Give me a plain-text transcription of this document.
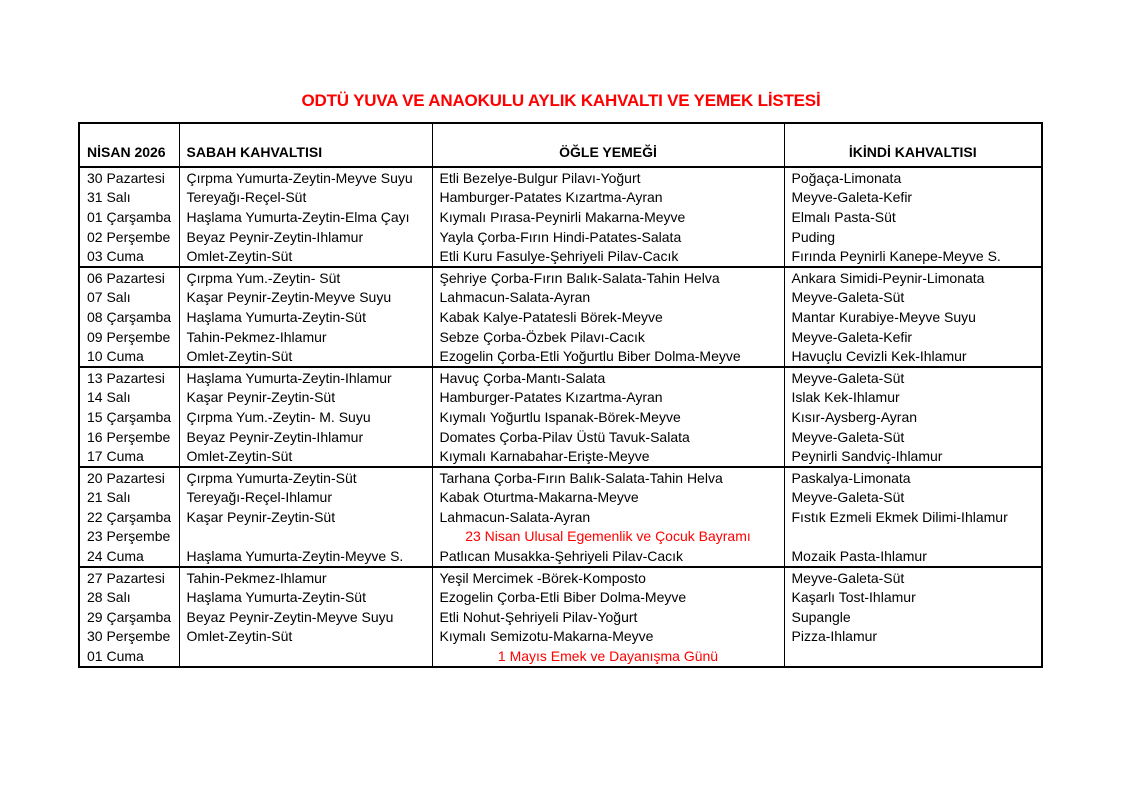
ODTÜ YUVA VE ANAOKULU AYLIK KAHVALTI VE YEMEK LİSTESİ
NİSAN 2026	SABAH KAHVALTISI	ÖĞLE YEMEĞİ	İKİNDİ KAHVALTISI
30 Pazartesi	Çırpma Yumurta-Zeytin-Meyve Suyu	Etli Bezelye-Bulgur Pilavı-Yoğurt	Poğaça-Limonata
31 Salı	Tereyağı-Reçel-Süt	Hamburger-Patates Kızartma-Ayran	Meyve-Galeta-Kefir
01 Çarşamba	Haşlama Yumurta-Zeytin-Elma Çayı	Kıymalı Pırasa-Peynirli Makarna-Meyve	Elmalı Pasta-Süt
02 Perşembe	Beyaz Peynir-Zeytin-Ihlamur	Yayla Çorba-Fırın Hindi-Patates-Salata	Puding
03 Cuma	Omlet-Zeytin-Süt	Etli Kuru Fasulye-Şehriyeli Pilav-Cacık	Fırında Peynirli Kanepe-Meyve S.
06 Pazartesi	Çırpma Yum.-Zeytin- Süt	Şehriye Çorba-Fırın Balık-Salata-Tahin Helva	Ankara Simidi-Peynir-Limonata
07 Salı	Kaşar Peynir-Zeytin-Meyve Suyu	Lahmacun-Salata-Ayran	Meyve-Galeta-Süt
08 Çarşamba	Haşlama Yumurta-Zeytin-Süt	Kabak Kalye-Patatesli Börek-Meyve	Mantar Kurabiye-Meyve Suyu
09 Perşembe	Tahin-Pekmez-Ihlamur	Sebze Çorba-Özbek Pilavı-Cacık	Meyve-Galeta-Kefir
10 Cuma	Omlet-Zeytin-Süt	Ezogelin Çorba-Etli Yoğurtlu Biber Dolma-Meyve	Havuçlu Cevizli Kek-Ihlamur
13 Pazartesi	Haşlama Yumurta-Zeytin-Ihlamur	Havuç Çorba-Mantı-Salata	Meyve-Galeta-Süt
14 Salı	Kaşar Peynir-Zeytin-Süt	Hamburger-Patates Kızartma-Ayran	Islak Kek-Ihlamur
15 Çarşamba	Çırpma Yum.-Zeytin- M. Suyu	Kıymalı Yoğurtlu Ispanak-Börek-Meyve	Kısır-Aysberg-Ayran
16 Perşembe	Beyaz Peynir-Zeytin-Ihlamur	Domates Çorba-Pilav Üstü Tavuk-Salata	Meyve-Galeta-Süt
17 Cuma	Omlet-Zeytin-Süt	Kıymalı Karnabahar-Erişte-Meyve	Peynirli Sandviç-Ihlamur
20 Pazartesi	Çırpma Yumurta-Zeytin-Süt	Tarhana Çorba-Fırın Balık-Salata-Tahin Helva	Paskalya-Limonata
21 Salı	Tereyağı-Reçel-Ihlamur	Kabak Oturtma-Makarna-Meyve	Meyve-Galeta-Süt
22 Çarşamba	Kaşar Peynir-Zeytin-Süt	Lahmacun-Salata-Ayran	Fıstık Ezmeli Ekmek Dilimi-Ihlamur
23 Perşembe		23 Nisan Ulusal Egemenlik ve Çocuk Bayramı	
24 Cuma	Haşlama Yumurta-Zeytin-Meyve S.	Patlıcan Musakka-Şehriyeli Pilav-Cacık	Mozaik Pasta-Ihlamur
27 Pazartesi	Tahin-Pekmez-Ihlamur	Yeşil Mercimek -Börek-Komposto	Meyve-Galeta-Süt
28 Salı	Haşlama Yumurta-Zeytin-Süt	Ezogelin Çorba-Etli Biber Dolma-Meyve	Kaşarlı Tost-Ihlamur
29 Çarşamba	Beyaz Peynir-Zeytin-Meyve Suyu	Etli Nohut-Şehriyeli Pilav-Yoğurt	Supangle
30 Perşembe	Omlet-Zeytin-Süt	Kıymalı Semizotu-Makarna-Meyve	Pizza-Ihlamur
01 Cuma		1 Mayıs Emek ve Dayanışma Günü	
